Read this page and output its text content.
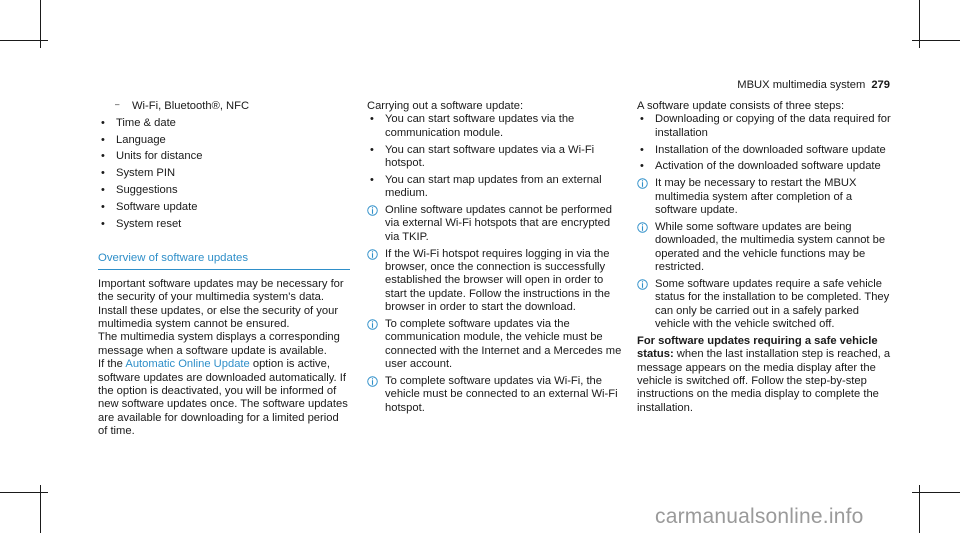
MBUX multimedia system 279
– Wi-Fi, Bluetooth®, NFC
• Time & date
• Language
• Units for distance
• System PIN
• Suggestions
• Software update
• System reset
Overview of software updates

Important software updates may be necessary for the security of your multimedia system's data. Install these updates, or else the security of your multimedia system cannot be ensured.

The multimedia system displays a corresponding message when a software update is available.

If the Automatic Online Update option is active, software updates are downloaded automatically. If the option is deactivated, you will be informed of new software updates once. The software updates are available for downloading for a limited period of time.

Carrying out a software update:

• You can start software updates via the communication module.
• You can start software updates via a Wi-Fi hotspot.
• You can start map updates from an external medium.
Online software updates cannot be performed via external Wi-Fi hotspots that are encrypted via TKIP.
If the Wi-Fi hotspot requires logging in via the browser, once the connection is successfully established the browser will open in order to start the update. Follow the instructions in the browser in order to start the download.
To complete software updates via the communication module, the vehicle must be connected with the Internet and a Mercedes me user account.
To complete software updates via Wi-Fi, the vehicle must be connected to an external Wi-Fi hotspot.

A software update consists of three steps:

• Downloading or copying of the data required for installation
• Installation of the downloaded software update
• Activation of the downloaded software update
It may be necessary to restart the MBUX multimedia system after completion of a software update.
While some software updates are being downloaded, the multimedia system cannot be operated and the vehicle functions may be restricted.
Some software updates require a safe vehicle status for the installation to be completed. They can only be carried out in a safely parked vehicle with the vehicle switched off.

For software updates requiring a safe vehicle status: when the last installation step is reached, a message appears on the media display after the vehicle is switched off. Follow the step-by-step instructions on the media display to complete the installation.

carmanualsonline.info
